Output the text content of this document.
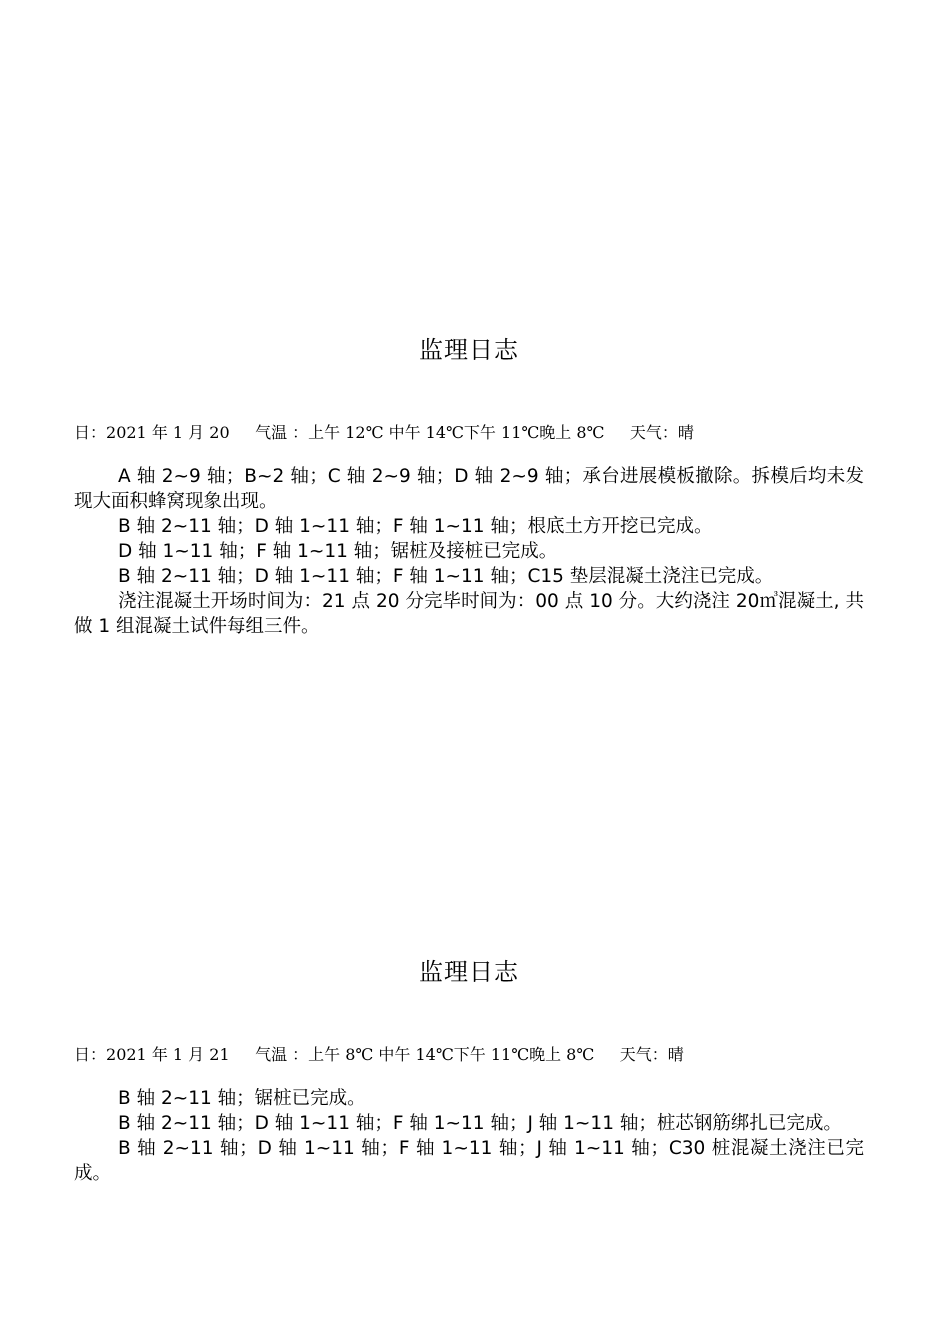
监理日志
日：2021 年 1 月 20 气温 ：上午 12℃ 中午 14℃下午 11℃晚上 8℃ 天气：晴

A 轴 2~9 轴；B~2 轴；C 轴 2~9 轴；D 轴 2~9 轴；承台进展模板撤除。拆模后均未发现大面积蜂窝现象出现。

B 轴 2~11 轴；D 轴 1~11 轴；F 轴 1~11 轴；根底土方开挖已完成。

D 轴 1~11 轴；F 轴 1~11 轴；锯桩及接桩已完成。

B 轴 2~11 轴；D 轴 1~11 轴；F 轴 1~11 轴；C15 垫层混凝土浇注已完成。

浇注混凝土开场时间为：21 点 20 分完毕时间为：00 点 10 分。大约浇注 20㎥混凝土, 共做 1 组混凝土试件每组三件。

监理日志
日：2021 年 1 月 21 气温 ：上午 8℃ 中午 14℃下午 11℃晚上 8℃ 天气：晴

B 轴 2~11 轴；锯桩已完成。

B 轴 2~11 轴；D 轴 1~11 轴；F 轴 1~11 轴；J 轴 1~11 轴；桩芯钢筋绑扎已完成。

B 轴 2~11 轴；D 轴 1~11 轴；F 轴 1~11 轴；J 轴 1~11 轴；C30 桩混凝土浇注已完成。
